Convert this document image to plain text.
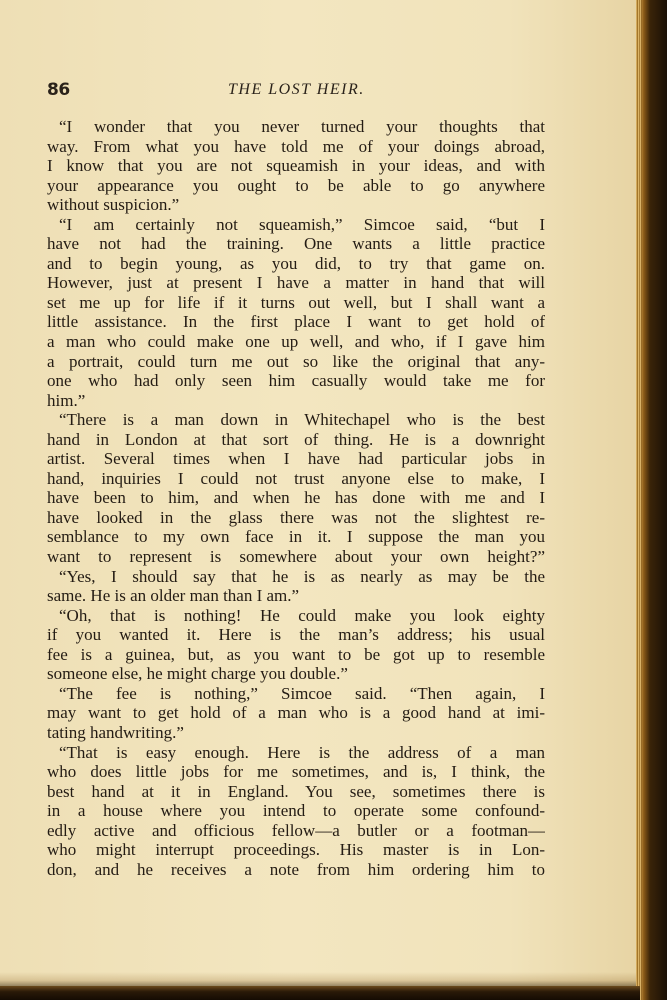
86	THE LOST HEIR.
“I wonder that you never turned your thoughts that
way. From what you have told me of your doings abroad,
I know that you are not squeamish in your ideas, and with
your appearance you ought to be able to go anywhere
without suspicion.”
“I am certainly not squeamish,” Simcoe said, “but I
have not had the training. One wants a little practice
and to begin young, as you did, to try that game on.
However, just at present I have a matter in hand that will
set me up for life if it turns out well, but I shall want a
little assistance. In the first place I want to get hold of
a man who could make one up well, and who, if I gave him
a portrait, could turn me out so like the original that any-
one who had only seen him casually would take me for
him.”
“There is a man down in Whitechapel who is the best
hand in London at that sort of thing. He is a downright
artist. Several times when I have had particular jobs in
hand, inquiries I could not trust anyone else to make, I
have been to him, and when he has done with me and I
have looked in the glass there was not the slightest re-
semblance to my own face in it. I suppose the man you
want to represent is somewhere about your own height?”
“Yes, I should say that he is as nearly as may be the
same. He is an older man than I am.”
“Oh, that is nothing! He could make you look eighty
if you wanted it. Here is the man’s address; his usual
fee is a guinea, but, as you want to be got up to resemble
someone else, he might charge you double.”
“The fee is nothing,” Simcoe said. “Then again, I
may want to get hold of a man who is a good hand at imi-
tating handwriting.”
“That is easy enough. Here is the address of a man
who does little jobs for me sometimes, and is, I think, the
best hand at it in England. You see, sometimes there is
in a house where you intend to operate some confound-
edly active and officious fellow—a butler or a footman—
who might interrupt proceedings. His master is in Lon-
don, and he receives a note from him ordering him to
